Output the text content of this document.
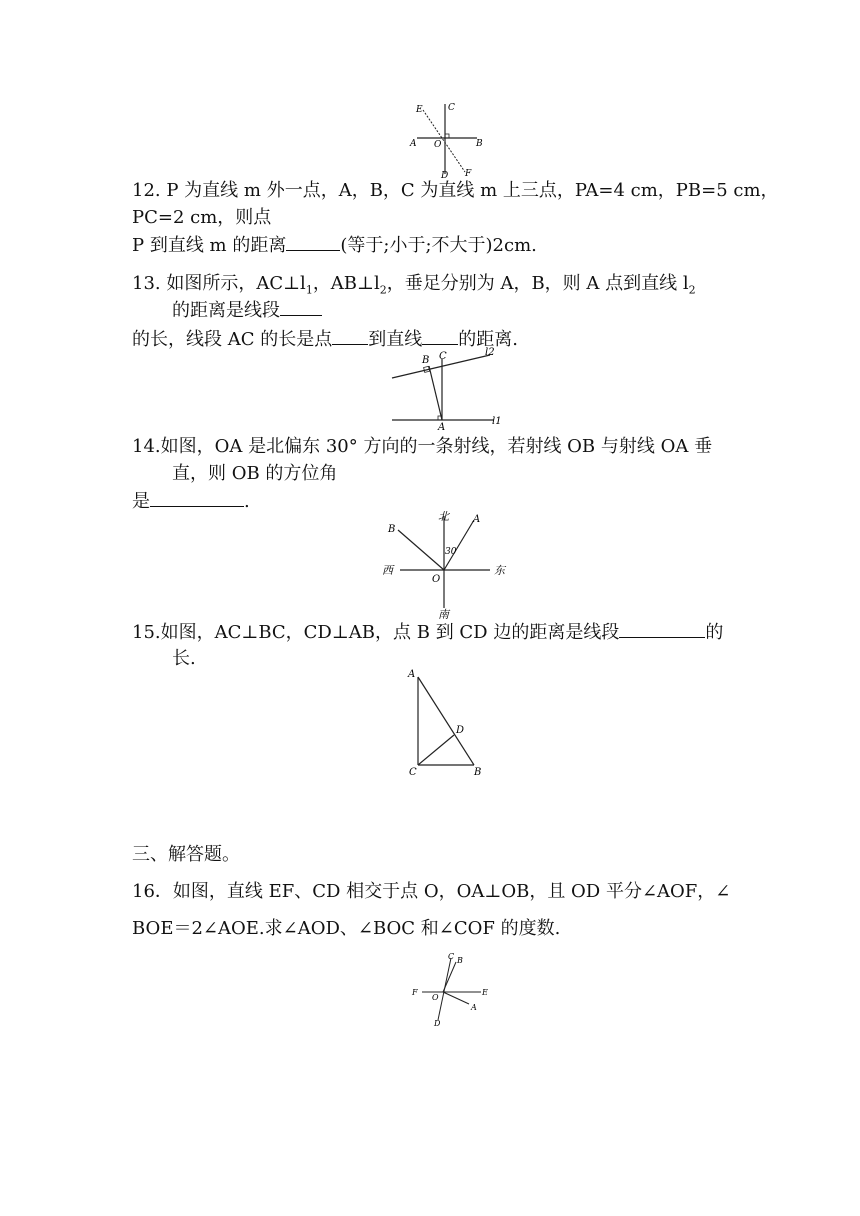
E	C
A O	B
D F
12. P 为直线 m 外一点，A，B，C 为直线 m 上三点，PA=4 cm，PB=5 cm，
PC=2 cm，则点
P 到直线 m 的距离	(等于;小于;不大于)2cm.
13. 如图所示，$AC\perp l_1$，$AB\perp l_2$，垂足分别为 A，B，则 A 点到直线 $l_2$
的距离是线段
的长，线段 AC 的长是点 到直线 的距离.
B C	l2
A
l1
14.如图，OA 是北偏东 30° 方向的一条射线，若射线 OB 与射线 OA 垂
直，则 OB 的方位角
是	.
北
B
A
30
西
O
东
南
15.如图，AC⊥BC，CD⊥AB，点 B 到 CD 边的距离是线段	的
长.
A
D
C	B
三、解答题。
16．如图，直线 EF、CD 相交于点 O，OA⊥OB，且 OD 平分∠AOF，∠
BOE＝2∠AOE.求∠AOD、∠BOC 和∠COF 的度数.
C B
F
O
E
A
D
